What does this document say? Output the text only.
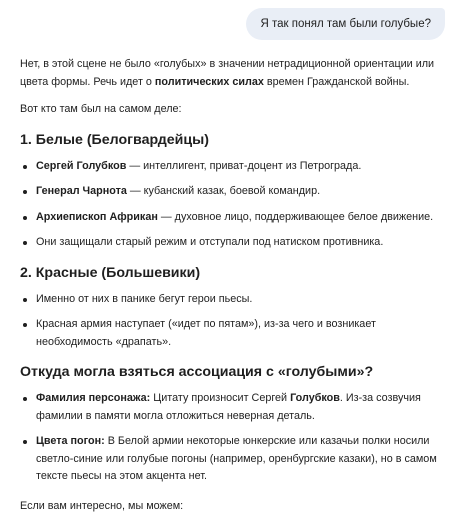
Я так понял там были голубые?

Нет, в этой сцене не было «голубых» в значении нетрадиционной ориентации или цвета формы. Речь идет о политических силах времен Гражданской войны.

Вот кто там был на самом деле:

1. Белые (Белогвардейцы)
Сергей Голубков — интеллигент, приват-доцент из Петрограда.
Генерал Чарнота — кубанский казак, боевой командир.
Архиепископ Африкан — духовное лицо, поддерживающее белое движение.
Они защищали старый режим и отступали под натиском противника.
2. Красные (Большевики)
Именно от них в панике бегут герои пьесы.
Красная армия наступает («идет по пятам»), из-за чего и возникает необходимость «драпать».
Откуда могла взяться ассоциация с «голубыми»?
Фамилия персонажа: Цитату произносит Сергей Голубков. Из-за созвучия фамилии в памяти могла отложиться неверная деталь.
Цвета погон: В Белой армии некоторые юнкерские или казачьи полки носили светло-синие или голубые погоны (например, оренбургские казаки), но в самом тексте пьесы на этом акцента нет.

Если вам интересно, мы можем:
